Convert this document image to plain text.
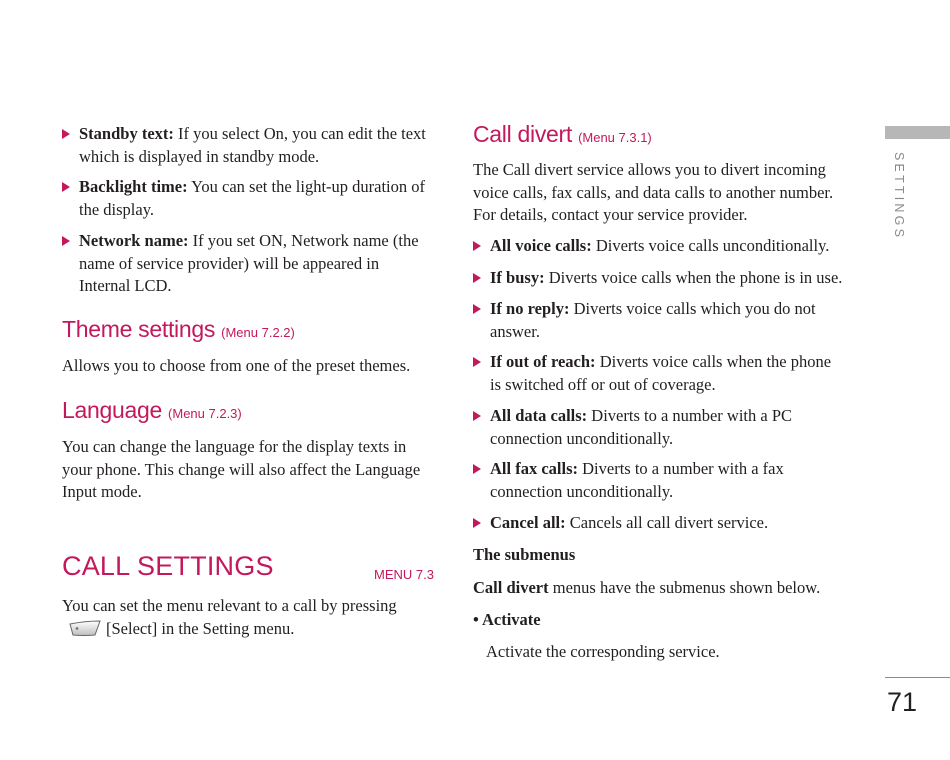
Standby text: If you select On, you can edit the text which is displayed in standby mode.
Backlight time: You can set the light-up duration of the display.
Network name: If you set ON, Network name (the name of service provider) will be appeared in Internal LCD.
Theme settings (Menu 7.2.2)
Allows you to choose from one of the preset themes.
Language (Menu 7.2.3)
You can change the language for the display texts in your phone. This change will also affect the Language Input mode.
CALL SETTINGS	MENU 7.3
You can set the menu relevant to a call by pressing
[Select] in the Setting menu.
Call divert (Menu 7.3.1)
The Call divert service allows you to divert incoming voice calls, fax calls, and data calls to another number. For details, contact your service provider.
All voice calls: Diverts voice calls unconditionally.
If busy: Diverts voice calls when the phone is in use.
If no reply: Diverts voice calls which you do not answer.
If out of reach: Diverts voice calls when the phone is switched off or out of coverage.
All data calls: Diverts to a number with a PC connection unconditionally.
All fax calls: Diverts to a number with a fax connection unconditionally.
Cancel all: Cancels all call divert service.
The submenus
Call divert menus have the submenus shown below.
• Activate
Activate the corresponding service.
SETTINGS
71
